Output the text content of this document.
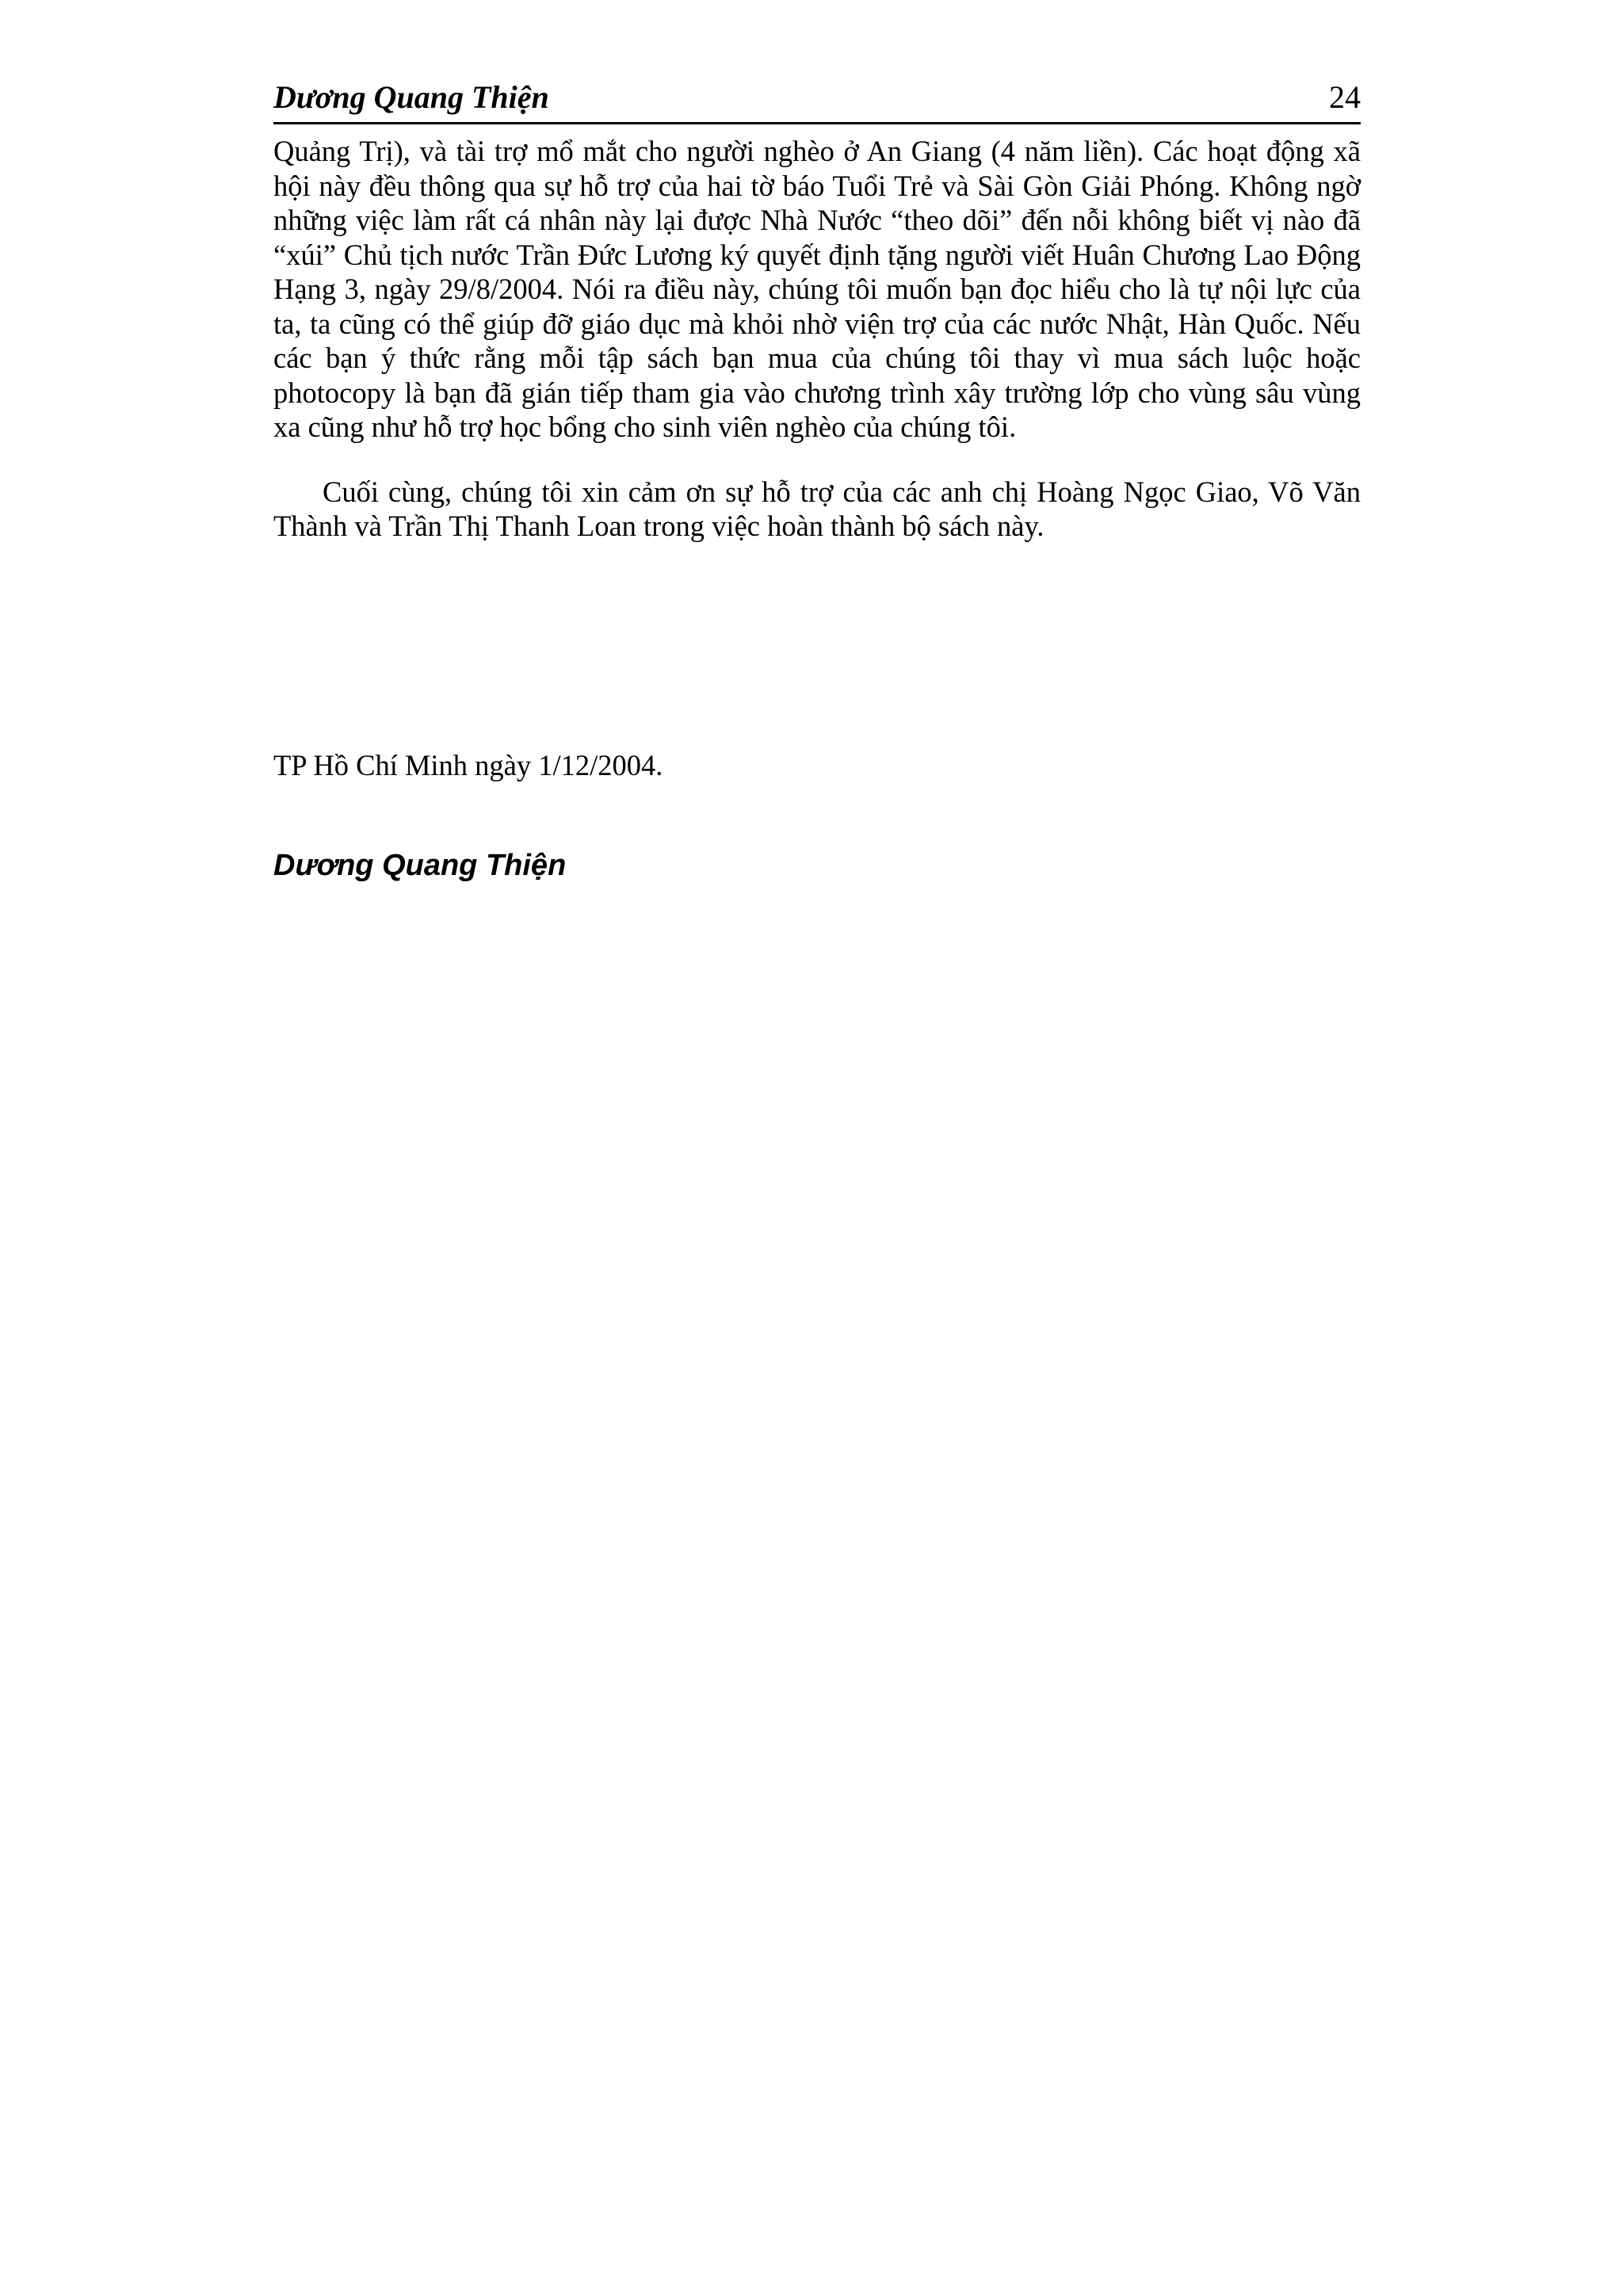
Dương Quang Thiện	24

Quảng Trị), và tài trợ mổ mắt cho người nghèo ở An Giang (4 năm liền). Các hoạt động xã hội này đều thông qua sự hỗ trợ của hai tờ báo Tuổi Trẻ và Sài Gòn Giải Phóng. Không ngờ những việc làm rất cá nhân này lại được Nhà Nước “theo dõi” đến nỗi không biết vị nào đã “xúi” Chủ tịch nước Trần Đức Lương ký quyết định tặng người viết Huân Chương Lao Động Hạng 3, ngày 29/8/2004. Nói ra điều này, chúng tôi muốn bạn đọc hiểu cho là tự nội lực của ta, ta cũng có thể giúp đỡ giáo dục mà khỏi nhờ viện trợ của các nước Nhật, Hàn Quốc. Nếu các bạn ý thức rằng mỗi tập sách bạn mua của chúng tôi thay vì mua sách luộc hoặc photocopy là bạn đã gián tiếp tham gia vào chương trình xây trường lớp cho vùng sâu vùng xa cũng như hỗ trợ học bổng cho sinh viên nghèo của chúng tôi.

Cuối cùng, chúng tôi xin cảm ơn sự hỗ trợ của các anh chị Hoàng Ngọc Giao, Võ Văn Thành và Trần Thị Thanh Loan trong việc hoàn thành bộ sách này.

TP Hồ Chí Minh ngày 1/12/2004.

Dương Quang Thiện
